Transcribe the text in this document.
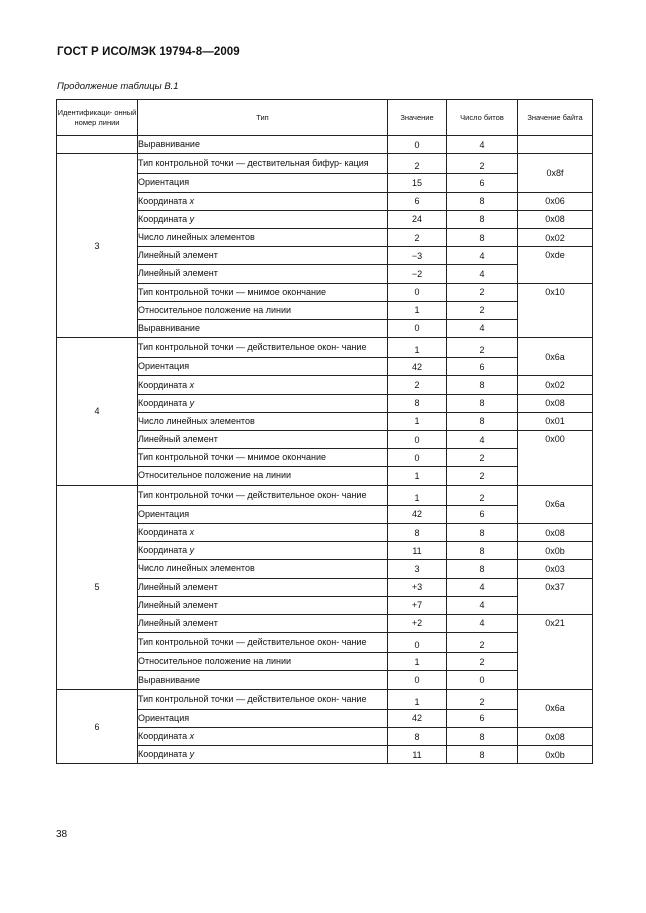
ГОСТ Р ИСО/МЭК 19794-8—2009
Продолжение таблицы В.1
Идентификаци- онный номер линии	Тип	Значение	Число битов	Значение байта
	Выравнивание	0	4	
3	Тип контрольной точки — дествительная бифур- кация	2	2	0x8f
	Ориентация	15	6	
	Координата x	6	8	0x06
	Координата y	24	8	0x08
	Число линейных элементов	2	8	0x02
	Линейный элемент	−3	4	0xde
	Линейный элемент	−2	4	
	Тип контрольной точки — мнимое окончание	0	2	0x10
	Относительное положение на линии	1	2	
	Выравнивание	0	4	
4	Тип контрольной точки — действительное окон- чание	1	2	0x6a
	Ориентация	42	6	
	Координата x	2	8	0x02
	Координата y	8	8	0x08
	Число линейных элементов	1	8	0x01
	Линейный элемент	0	4	0x00
	Тип контрольной точки — мнимое окончание	0	2	
	Относительное положение на линии	1	2	
5	Тип контрольной точки — действительное окон- чание	1	2	0x6a
	Ориентация	42	6	
	Координата x	8	8	0x08
	Координата y	11	8	0x0b
	Число линейных элементов	3	8	0x03
	Линейный элемент	+3	4	0x37
	Линейный элемент	+7	4	
	Линейный элемент	+2	4	0x21
	Тип контрольной точки — действительное окон- чание	0	2	
	Относительное положение на линии	1	2	
	Выравнивание	0	0	
6	Тип контрольной точки — действительное окон- чание	1	2	0x6a
	Ориентация	42	6	
	Координата x	8	8	0x08
	Координата y	11	8	0x0b
38
